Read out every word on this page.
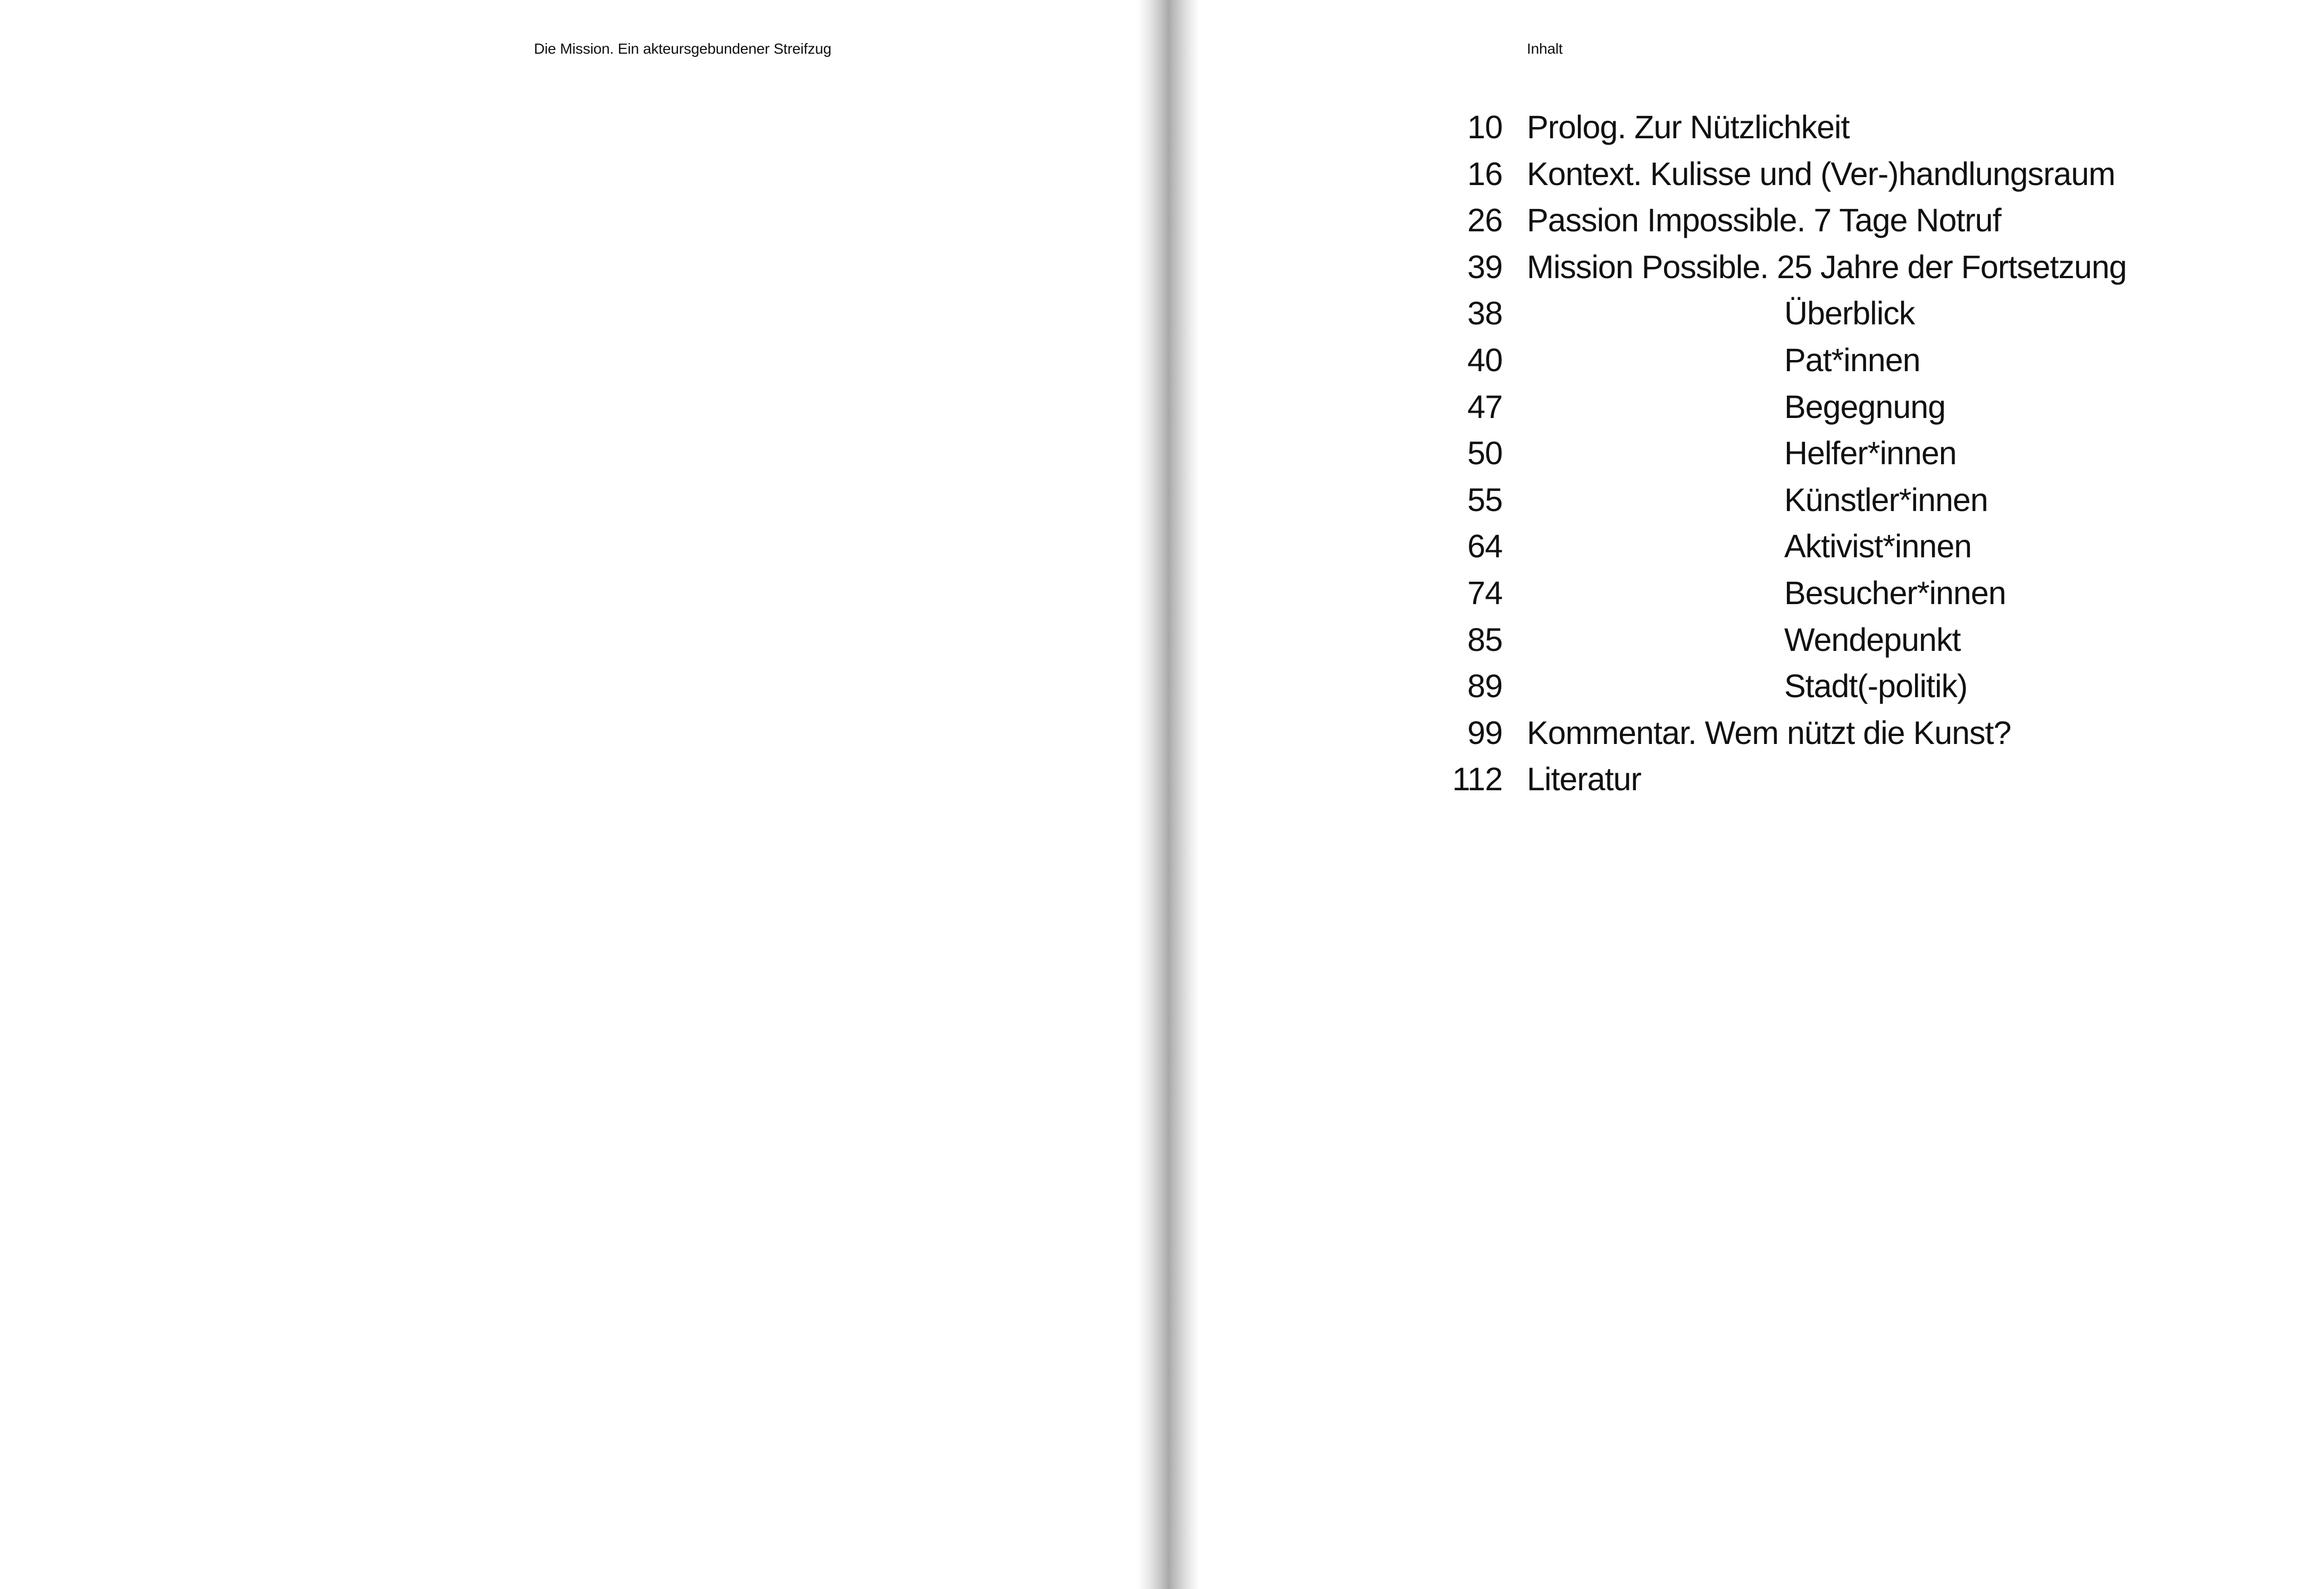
Die Mission. Ein akteursgebundener Streifzug	Inhalt
10 Prolog. Zur Nützlichkeit
16 Kontext. Kulisse und (Ver-)handlungsraum
26 Passion Impossible. 7 Tage Notruf
39 Mission Possible. 25 Jahre der Fortsetzung
38	Überblick
40	Pat*innen
47	Begegnung
50	Helfer*innen
55	Künstler*innen
64	Aktivist*innen
74	Besucher*innen
85	Wendepunkt
89	Stadt(-politik)
99 Kommentar. Wem nützt die Kunst?
112 Literatur
